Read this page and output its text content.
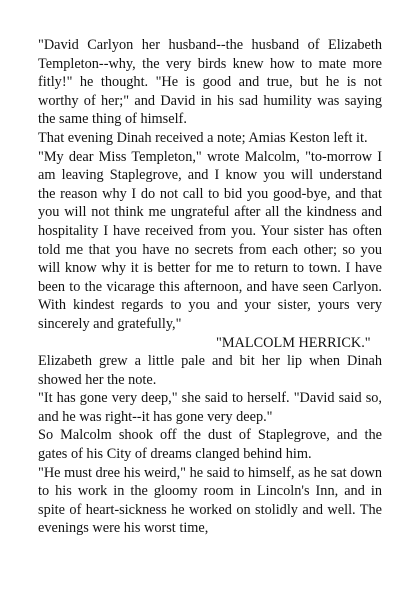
"David Carlyon her husband--the husband of Elizabeth Templeton--why, the very birds knew how to mate more fitly!" he thought. "He is good and true, but he is not worthy of her;" and David in his sad humility was saying the same thing of himself.

That evening Dinah received a note; Amias Keston left it.

"My dear Miss Templeton," wrote Malcolm, "to-morrow I am leaving Staplegrove, and I know you will understand the reason why I do not call to bid you good-bye, and that you will not think me ungrateful after all the kindness and hospitality I have received from you. Your sister has often told me that you have no secrets from each other; so you will know why it is better for me to return to town. I have been to the vicarage this afternoon, and have seen Carlyon. With kindest regards to you and your sister, yours very sincerely and gratefully,"

"MALCOLM HERRICK."

Elizabeth grew a little pale and bit her lip when Dinah showed her the note.

"It has gone very deep," she said to herself. "David said so, and he was right--it has gone very deep."

So Malcolm shook off the dust of Staplegrove, and the gates of his City of dreams clanged behind him.

"He must dree his weird," he said to himself, as he sat down to his work in the gloomy room in Lincoln's Inn, and in spite of heart-sickness he worked on stolidly and well. The evenings were his worst time,
